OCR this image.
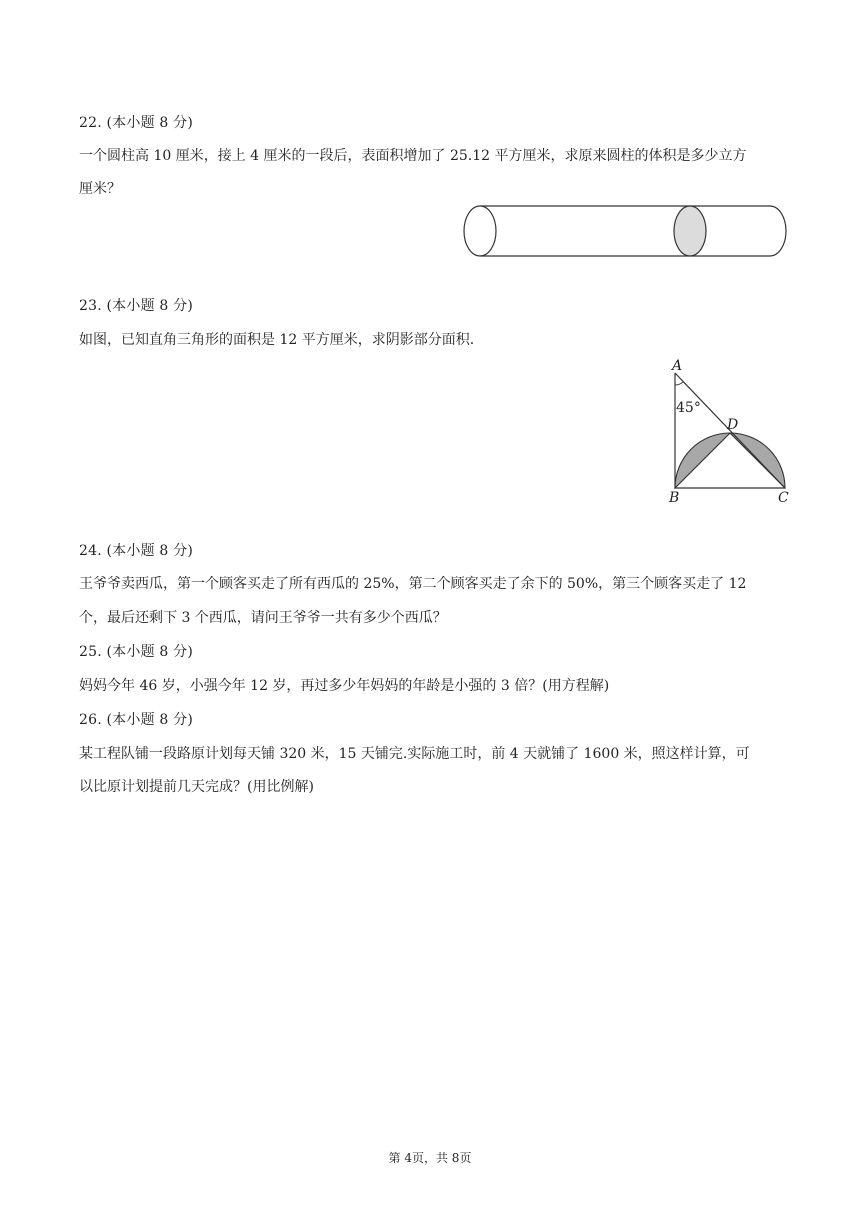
22. (本小题 8 分)
一个圆柱高 10 厘米，接上 4 厘米的一段后，表面积增加了 25.12 平方厘米，求原来圆柱的体积是多少立方
厘米？
23. (本小题 8 分)
如图，已知直角三角形的面积是 12 平方厘米，求阴影部分面积.
45°
A
B	C
D
24. (本小题 8 分)
王爷爷卖西瓜，第一个顾客买走了所有西瓜的 25%，第二个顾客买走了余下的 50%，第三个顾客买走了 12
个，最后还剩下 3 个西瓜，请问王爷爷一共有多少个西瓜？
25. (本小题 8 分)
妈妈今年 46 岁，小强今年 12 岁，再过多少年妈妈的年龄是小强的 3 倍？(用方程解)
26. (本小题 8 分)
某工程队铺一段路原计划每天铺 320 米，15 天铺完.实际施工时，前 4 天就铺了 1600 米，照这样计算，可
以比原计划提前几天完成？(用比例解)
第 4页，共 8页
